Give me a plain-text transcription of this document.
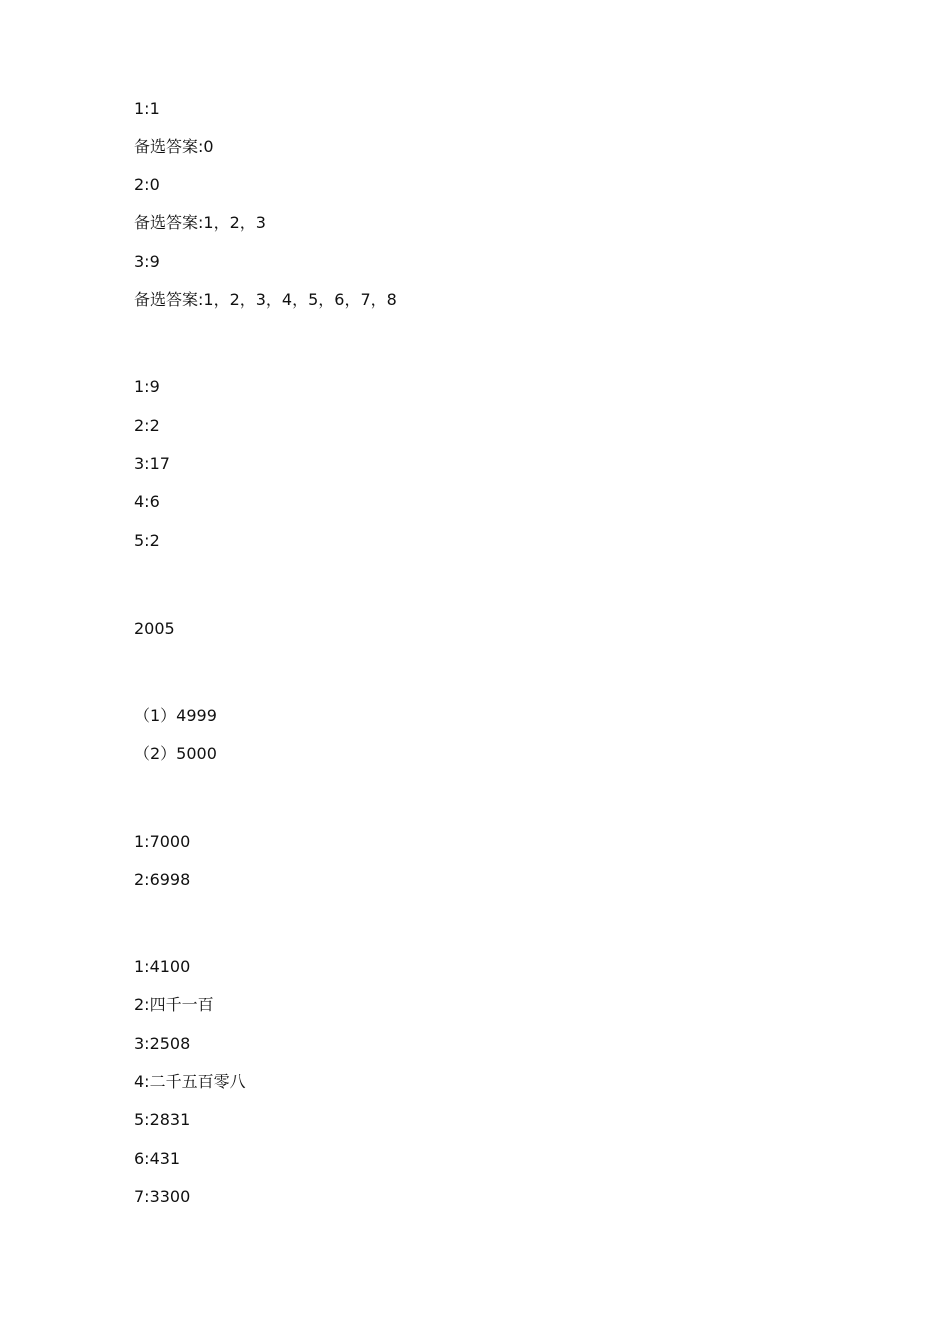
1:1
备选答案:0
2:0
备选答案:1，2，3
3:9
备选答案:1，2，3，4，5，6，7，8
1:9
2:2
3:17
4:6
5:2
2005
（1）4999
（2）5000
1:7000
2:6998
1:4100
2:四千一百
3:2508
4:二千五百零八
5:2831
6:431
7:3300
